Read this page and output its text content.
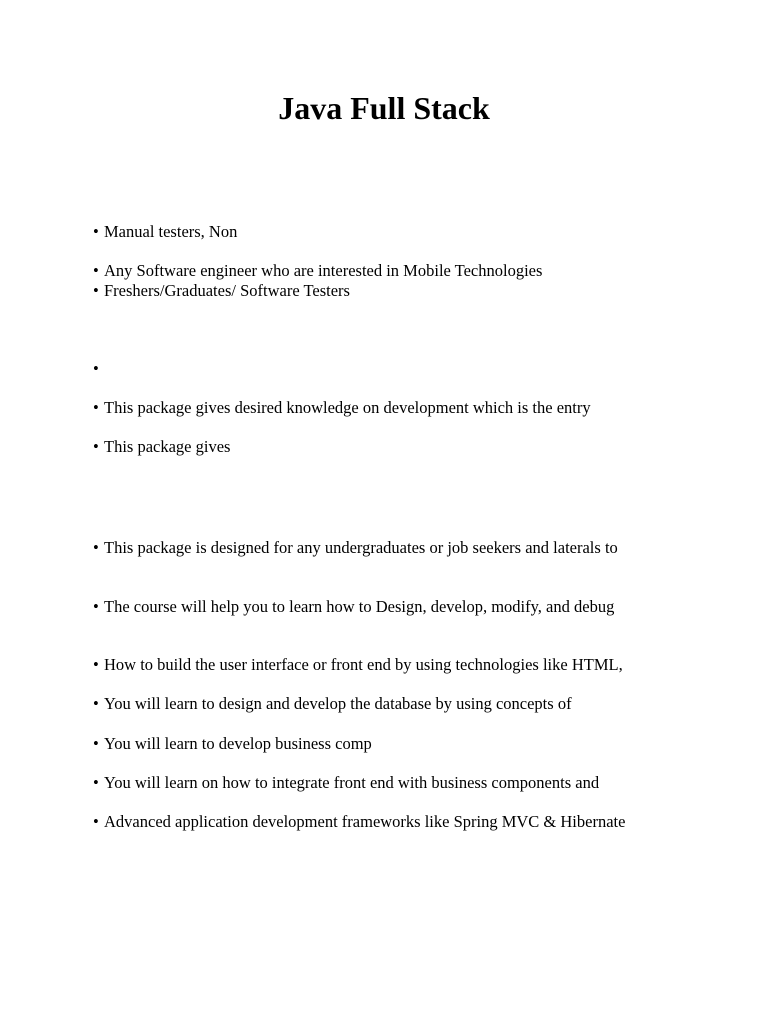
Java Full Stack
• Manual testers, Non
• Any Software engineer who are interested in Mobile Technologies
• Freshers/Graduates/ Software Testers
•
• This package gives desired knowledge on development which is the entry
• This package gives
• This package is designed for any undergraduates or job seekers and laterals to
• The course will help you to learn how to Design, develop, modify, and debug
• How to build the user interface or front end by using technologies like HTML,
• You will learn to design and develop the database by using concepts of
• You will learn to develop business comp
• You will learn on how to integrate front end with business components and
• Advanced application development frameworks like Spring MVC & Hibernate
